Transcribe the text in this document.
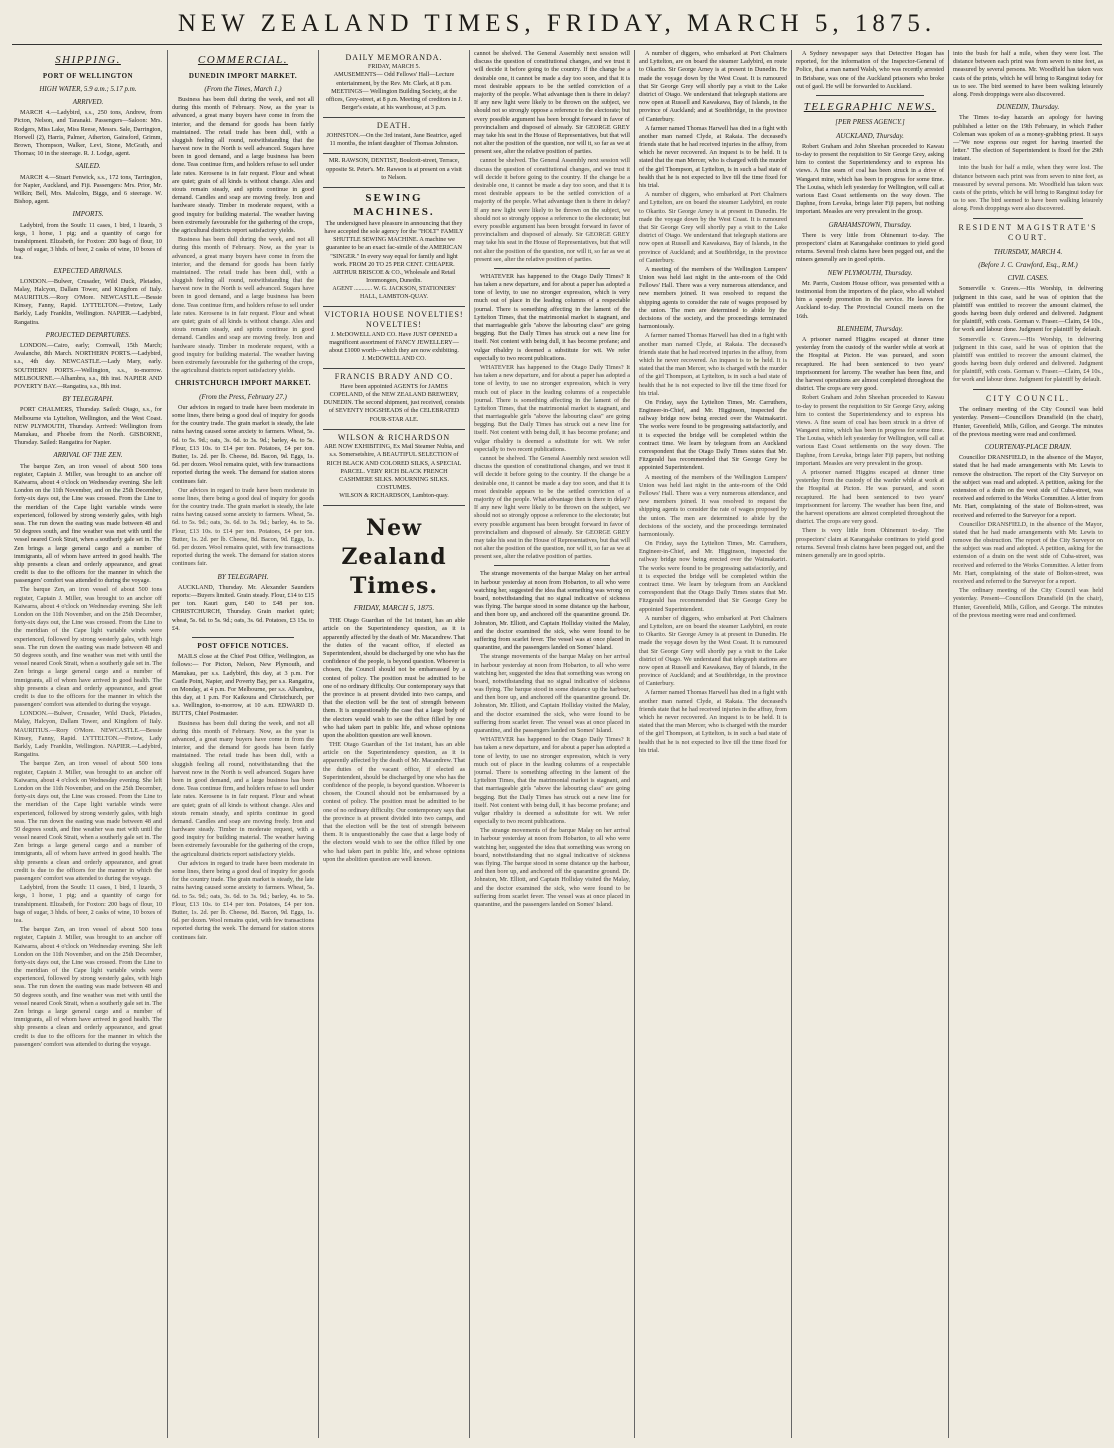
NEW ZEALAND TIMES, FRIDAY, MARCH 5, 1875.
SHIPPING.
PORT OF WELLINGTON
HIGH WATER, 5.9 a.m.; 5.17 p.m.
ARRIVED.

MARCH 4.—Ladybird, s.s., 250 tons, Andrew, from Picton, Nelson, and Taranaki. Passengers—Saloon: Mrs. Rodgers, Miss Lake, Miss Reese, Messrs. Sale, Darrington, Horwell (2), Harris, Palmer, Atherton, Gainsford, Grimm, Brown, Thompson, Walker, Levi, Stone, McGrath, and Thomas; 10 in the steerage. R. J. Lodge, agent.

SAILED.

MARCH 4.—Stuart Fenwick, s.s., 172 tons, Tarrington, for Napier, Auckland, and Fiji. Passengers: Mrs. Prior, Mr. Wilkin; Bell, Mrs. Malcolm, Biggs, and 6 steerage. W. Bishop, agent.

IMPORTS.

Ladybird, from the South: 11 cases, 1 bird, 1 lizards, 3 kegs, 1 horse, 1 pig; and a quantity of cargo for transhipment. Elizabeth, for Foxton: 200 bags of flour, 10 bags of sugar, 3 hhds. of beer, 2 casks of wine, 10 boxes of tea.

EXPECTED ARRIVALS.

LONDON.—Bulwer, Crusader, Wild Duck, Pleiades, Malay, Halcyon, Dallam Tower, and Kingdom of Italy. MAURITIUS.—Rory O'More. NEWCASTLE.—Bessie Kinsey, Fanny, Rapid. LYTTELTON.—Fretow, Lady Barkly, Lady Franklin, Wellington. NAPIER.—Ladybird, Rangatira.

PROJECTED DEPARTURES.

LONDON.—Cairo, early; Cornwall, 15th March; Avalanche, 8th March. NORTHERN PORTS.—Ladybird, s.s., 4th day. NEWCASTLE.—Lady Mary, early. SOUTHERN PORTS.—Wellington, s.s., to-morrow. MELBOURNE.—Alhambra, s.s., 8th inst. NAPIER AND POVERTY BAY.—Rangatira, s.s., 8th inst.

BY TELEGRAPH.

PORT CHALMERS, Thursday. Sailed: Otago, s.s., for Melbourne via Lyttelton, Wellington, and the West Coast. NEW PLYMOUTH, Thursday. Arrived: Wellington from Manukau, and Phoebe from the North. GISBORNE, Thursday. Sailed: Rangatira for Napier.

ARRIVAL OF THE ZEN.

The barque Zen, an iron vessel of about 500 tons register, Captain J. Miller, was brought to an anchor off Kaiwarra, about 4 o'clock on Wednesday evening. She left London on the 11th November, and on the 25th December, forty-six days out, the Line was crossed. From the Line to the meridian of the Cape light variable winds were experienced, followed by strong westerly gales, with high seas. The run down the easting was made between 48 and 50 degrees south, and fine weather was met with until the vessel neared Cook Strait, when a southerly gale set in. The Zen brings a large general cargo and a number of immigrants, all of whom have arrived in good health. The ship presents a clean and orderly appearance, and great credit is due to the officers for the manner in which the passengers' comfort was attended to during the voyage.

The barque Zen, an iron vessel of about 500 tons register, Captain J. Miller, was brought to an anchor off Kaiwarra, about 4 o'clock on Wednesday evening. She left London on the 11th November, and on the 25th December, forty-six days out, the Line was crossed. From the Line to the meridian of the Cape light variable winds were experienced, followed by strong westerly gales, with high seas. The run down the easting was made between 48 and 50 degrees south, and fine weather was met with until the vessel neared Cook Strait, when a southerly gale set in. The Zen brings a large general cargo and a number of immigrants, all of whom have arrived in good health. The ship presents a clean and orderly appearance, and great credit is due to the officers for the manner in which the passengers' comfort was attended to during the voyage.

LONDON.—Bulwer, Crusader, Wild Duck, Pleiades, Malay, Halcyon, Dallam Tower, and Kingdom of Italy. MAURITIUS.—Rory O'More. NEWCASTLE.—Bessie Kinsey, Fanny, Rapid. LYTTELTON.—Fretow, Lady Barkly, Lady Franklin, Wellington. NAPIER.—Ladybird, Rangatira.

The barque Zen, an iron vessel of about 500 tons register, Captain J. Miller, was brought to an anchor off Kaiwarra, about 4 o'clock on Wednesday evening. She left London on the 11th November, and on the 25th December, forty-six days out, the Line was crossed. From the Line to the meridian of the Cape light variable winds were experienced, followed by strong westerly gales, with high seas. The run down the easting was made between 48 and 50 degrees south, and fine weather was met with until the vessel neared Cook Strait, when a southerly gale set in. The Zen brings a large general cargo and a number of immigrants, all of whom have arrived in good health. The ship presents a clean and orderly appearance, and great credit is due to the officers for the manner in which the passengers' comfort was attended to during the voyage.

Ladybird, from the South: 11 cases, 1 bird, 1 lizards, 3 kegs, 1 horse, 1 pig; and a quantity of cargo for transhipment. Elizabeth, for Foxton: 200 bags of flour, 10 bags of sugar, 3 hhds. of beer, 2 casks of wine, 10 boxes of tea.

The barque Zen, an iron vessel of about 500 tons register, Captain J. Miller, was brought to an anchor off Kaiwarra, about 4 o'clock on Wednesday evening. She left London on the 11th November, and on the 25th December, forty-six days out, the Line was crossed. From the Line to the meridian of the Cape light variable winds were experienced, followed by strong westerly gales, with high seas. The run down the easting was made between 48 and 50 degrees south, and fine weather was met with until the vessel neared Cook Strait, when a southerly gale set in. The Zen brings a large general cargo and a number of immigrants, all of whom have arrived in good health. The ship presents a clean and orderly appearance, and great credit is due to the officers for the manner in which the passengers' comfort was attended to during the voyage.

COMMERCIAL.
DUNEDIN IMPORT MARKET.
(From the Times, March 1.)

Business has been dull during the week, and not all during this month of February. Now, as the year is advanced, a great many buyers have come in from the interior, and the demand for goods has been fairly maintained. The retail trade has been dull, with a sluggish feeling all round, notwithstanding that the harvest now in the North is well advanced. Sugars have been in good demand, and a large business has been done. Teas continue firm, and holders refuse to sell under late rates. Kerosene is in fair request. Flour and wheat are quiet; grain of all kinds is without change. Ales and stouts remain steady, and spirits continue in good demand. Candles and soap are moving freely. Iron and hardware steady. Timber in moderate request, with a good inquiry for building material. The weather having been extremely favourable for the gathering of the crops, the agricultural districts report satisfactory yields.

Business has been dull during the week, and not all during this month of February. Now, as the year is advanced, a great many buyers have come in from the interior, and the demand for goods has been fairly maintained. The retail trade has been dull, with a sluggish feeling all round, notwithstanding that the harvest now in the North is well advanced. Sugars have been in good demand, and a large business has been done. Teas continue firm, and holders refuse to sell under late rates. Kerosene is in fair request. Flour and wheat are quiet; grain of all kinds is without change. Ales and stouts remain steady, and spirits continue in good demand. Candles and soap are moving freely. Iron and hardware steady. Timber in moderate request, with a good inquiry for building material. The weather having been extremely favourable for the gathering of the crops, the agricultural districts report satisfactory yields.

CHRISTCHURCH IMPORT MARKET.
(From the Press, February 27.)

Our advices in regard to trade have been moderate in some lines, there being a good deal of inquiry for goods for the country trade. The grain market is steady, the late rains having caused some anxiety to farmers. Wheat, 5s. 6d. to 5s. 9d.; oats, 3s. 6d. to 3s. 9d.; barley, 4s. to 5s. Flour, £13 10s. to £14 per ton. Potatoes, £4 per ton. Butter, 1s. 2d. per lb. Cheese, 8d. Bacon, 9d. Eggs, 1s. 6d. per dozen. Wool remains quiet, with few transactions reported during the week. The demand for station stores continues fair.

Our advices in regard to trade have been moderate in some lines, there being a good deal of inquiry for goods for the country trade. The grain market is steady, the late rains having caused some anxiety to farmers. Wheat, 5s. 6d. to 5s. 9d.; oats, 3s. 6d. to 3s. 9d.; barley, 4s. to 5s. Flour, £13 10s. to £14 per ton. Potatoes, £4 per ton. Butter, 1s. 2d. per lb. Cheese, 8d. Bacon, 9d. Eggs, 1s. 6d. per dozen. Wool remains quiet, with few transactions reported during the week. The demand for station stores continues fair.

BY TELEGRAPH.

AUCKLAND, Thursday. Mr. Alexander Saunders reports:—Buyers limited. Grain steady. Flour, £14 to £15 per ton. Kauri gum, £40 to £48 per ton. CHRISTCHURCH, Thursday. Grain market quiet; wheat, 5s. 6d. to 5s. 9d.; oats, 3s. 6d. Potatoes, £3 15s. to £4.

POST OFFICE NOTICES.

MAILS close at the Chief Post Office, Wellington, as follows:— For Picton, Nelson, New Plymouth, and Manukau, per s.s. Ladybird, this day, at 3 p.m. For Castle Point, Napier, and Poverty Bay, per s.s. Rangatira, on Monday, at 4 p.m. For Melbourne, per s.s. Alhambra, this day, at 1 p.m. For Kaikoura and Christchurch, per s.s. Wellington, to-morrow, at 10 a.m. EDWARD D. BUTTS, Chief Postmaster.

Business has been dull during the week, and not all during this month of February. Now, as the year is advanced, a great many buyers have come in from the interior, and the demand for goods has been fairly maintained. The retail trade has been dull, with a sluggish feeling all round, notwithstanding that the harvest now in the North is well advanced. Sugars have been in good demand, and a large business has been done. Teas continue firm, and holders refuse to sell under late rates. Kerosene is in fair request. Flour and wheat are quiet; grain of all kinds is without change. Ales and stouts remain steady, and spirits continue in good demand. Candles and soap are moving freely. Iron and hardware steady. Timber in moderate request, with a good inquiry for building material. The weather having been extremely favourable for the gathering of the crops, the agricultural districts report satisfactory yields.

Our advices in regard to trade have been moderate in some lines, there being a good deal of inquiry for goods for the country trade. The grain market is steady, the late rains having caused some anxiety to farmers. Wheat, 5s. 6d. to 5s. 9d.; oats, 3s. 6d. to 3s. 9d.; barley, 4s. to 5s. Flour, £13 10s. to £14 per ton. Potatoes, £4 per ton. Butter, 1s. 2d. per lb. Cheese, 8d. Bacon, 9d. Eggs, 1s. 6d. per dozen. Wool remains quiet, with few transactions reported during the week. The demand for station stores continues fair.

DAILY MEMORANDA.
FRIDAY, MARCH 5.

AMUSEMENTS— Odd Fellows' Hall—Lecture entertainment, by the Rev. Mr. Clark, at 8 p.m. MEETINGS— Wellington Building Society, at the offices, Grey-street, at 8 p.m. Meeting of creditors in J. Berger's estate, at his warehouse, at 3 p.m.

DEATH.

JOHNSTON.—On the 3rd instant, Jane Beatrice, aged 11 months, the infant daughter of Thomas Johnston.

MR. RAWSON, DENTIST, Boulcott-street, Terrace, opposite St. Peter's. Mr. Rawson is at present on a visit to Nelson.

SEWING MACHINES.

The undersigned have pleasure in announcing that they have accepted the sole agency for the "HOLT" FAMILY SHUTTLE SEWING MACHINE. A machine we guarantee to be an exact fac-simile of the AMERICAN "SINGER." In every way equal for family and light work. FROM 20 TO 25 PER CENT. CHEAPER.

ARTHUR BRISCOE & CO., Wholesale and Retail Ironmongers, Dunedin.
AGENT ............ W. G. JACKSON, STATIONERS' HALL, LAMBTON-QUAY.
VICTORIA HOUSE NOVELTIES! NOVELTIES!

J. McDOWELL AND CO. Have JUST OPENED a magnificent assortment of FANCY JEWELLERY—about £1000 worth—which they are now exhibiting.

J. McDOWELL AND CO.
FRANCIS BRADY AND CO.

Have been appointed AGENTS for JAMES COPELAND, of the NEW ZEALAND BREWERY, DUNEDIN. The second shipment, just received, consists of SEVENTY HOGSHEADS of the CELEBRATED FOUR-STAR ALE.

WILSON & RICHARDSON

ARE NOW EXHIBITING, Ex Mail Steamer Nubia, and s.s. Somersetshire, A BEAUTIFUL SELECTION of RICH BLACK AND COLORED SILKS, A SPECIAL PARCEL. VERY RICH BLACK FRENCH CASHMERE SILKS. MOURNING SILKS. COSTUMES.

WILSON & RICHARDSON, Lambton-quay.
New Zealand Times.
FRIDAY, MARCH 5, 1875.

THE Otago Guardian of the 1st instant, has an able article on the Superintendency question, as it is apparently affected by the death of Mr. Macandrew. That the duties of the vacant office, if elected as Superintendent, should be discharged by one who has the confidence of the people, is beyond question. Whoever is chosen, the Council should not be embarrassed by a contest of policy. The position must be admitted to be one of no ordinary difficulty. Our contemporary says that the province is at present divided into two camps, and that the election will be the test of strength between them. It is unquestionably the case that a large body of the electors would wish to see the office filled by one who had taken part in public life, and whose opinions upon the abolition question are well known.

THE Otago Guardian of the 1st instant, has an able article on the Superintendency question, as it is apparently affected by the death of Mr. Macandrew. That the duties of the vacant office, if elected as Superintendent, should be discharged by one who has the confidence of the people, is beyond question. Whoever is chosen, the Council should not be embarrassed by a contest of policy. The position must be admitted to be one of no ordinary difficulty. Our contemporary says that the province is at present divided into two camps, and that the election will be the test of strength between them. It is unquestionably the case that a large body of the electors would wish to see the office filled by one who had taken part in public life, and whose opinions upon the abolition question are well known.

cannot be shelved. The General Assembly next session will discuss the question of constitutional changes, and we trust it will decide it before going to the country. If the change be a desirable one, it cannot be made a day too soon, and that it is most desirable appears to be the settled conviction of a majority of the people. What advantage then is there in delay? If any new light were likely to be thrown on the subject, we should not so strongly oppose a reference to the electorate; but every possible argument has been brought forward in favor of provincialism and disposed of already. Sir GEORGE GREY may take his seat in the House of Representatives, but that will not alter the position of the question, nor will it, so far as we at present see, alter the relative position of parties.

cannot be shelved. The General Assembly next session will discuss the question of constitutional changes, and we trust it will decide it before going to the country. If the change be a desirable one, it cannot be made a day too soon, and that it is most desirable appears to be the settled conviction of a majority of the people. What advantage then is there in delay? If any new light were likely to be thrown on the subject, we should not so strongly oppose a reference to the electorate; but every possible argument has been brought forward in favor of provincialism and disposed of already. Sir GEORGE GREY may take his seat in the House of Representatives, but that will not alter the position of the question, nor will it, so far as we at present see, alter the relative position of parties.

WHATEVER has happened to the Otago Daily Times? It has taken a new departure, and for about a paper has adopted a tone of levity, to use no stronger expression, which is very much out of place in the leading columns of a respectable journal. There is something affecting in the lament of the Lyttelton Times, that the matrimonial market is stagnant, and that marriageable girls "above the labouring class" are going begging. But the Daily Times has struck out a new line for itself. Not content with being dull, it has become profane; and vulgar ribaldry is deemed a substitute for wit. We refer especially to two recent publications.

WHATEVER has happened to the Otago Daily Times? It has taken a new departure, and for about a paper has adopted a tone of levity, to use no stronger expression, which is very much out of place in the leading columns of a respectable journal. There is something affecting in the lament of the Lyttelton Times, that the matrimonial market is stagnant, and that marriageable girls "above the labouring class" are going begging. But the Daily Times has struck out a new line for itself. Not content with being dull, it has become profane; and vulgar ribaldry is deemed a substitute for wit. We refer especially to two recent publications.

cannot be shelved. The General Assembly next session will discuss the question of constitutional changes, and we trust it will decide it before going to the country. If the change be a desirable one, it cannot be made a day too soon, and that it is most desirable appears to be the settled conviction of a majority of the people. What advantage then is there in delay? If any new light were likely to be thrown on the subject, we should not so strongly oppose a reference to the electorate; but every possible argument has been brought forward in favor of provincialism and disposed of already. Sir GEORGE GREY may take his seat in the House of Representatives, but that will not alter the position of the question, nor will it, so far as we at present see, alter the relative position of parties.

The strange movements of the barque Malay on her arrival in harbour yesterday at noon from Hobarton, to all who were watching her, suggested the idea that something was wrong on board, notwithstanding that no signal indicative of sickness was flying. The barque stood in some distance up the harbour, and then bore up, and anchored off the quarantine ground. Dr. Johnston, Mr. Elliott, and Captain Holliday visited the Malay, and the doctor examined the sick, who were found to be suffering from scarlet fever. The vessel was at once placed in quarantine, and the passengers landed on Somes' Island.

The strange movements of the barque Malay on her arrival in harbour yesterday at noon from Hobarton, to all who were watching her, suggested the idea that something was wrong on board, notwithstanding that no signal indicative of sickness was flying. The barque stood in some distance up the harbour, and then bore up, and anchored off the quarantine ground. Dr. Johnston, Mr. Elliott, and Captain Holliday visited the Malay, and the doctor examined the sick, who were found to be suffering from scarlet fever. The vessel was at once placed in quarantine, and the passengers landed on Somes' Island.

WHATEVER has happened to the Otago Daily Times? It has taken a new departure, and for about a paper has adopted a tone of levity, to use no stronger expression, which is very much out of place in the leading columns of a respectable journal. There is something affecting in the lament of the Lyttelton Times, that the matrimonial market is stagnant, and that marriageable girls "above the labouring class" are going begging. But the Daily Times has struck out a new line for itself. Not content with being dull, it has become profane; and vulgar ribaldry is deemed a substitute for wit. We refer especially to two recent publications.

The strange movements of the barque Malay on her arrival in harbour yesterday at noon from Hobarton, to all who were watching her, suggested the idea that something was wrong on board, notwithstanding that no signal indicative of sickness was flying. The barque stood in some distance up the harbour, and then bore up, and anchored off the quarantine ground. Dr. Johnston, Mr. Elliott, and Captain Holliday visited the Malay, and the doctor examined the sick, who were found to be suffering from scarlet fever. The vessel was at once placed in quarantine, and the passengers landed on Somes' Island.

A number of diggers, who embarked at Port Chalmers and Lyttelton, are on board the steamer Ladybird, en route to Okarito. Sir George Arney is at present in Dunedin. He made the voyage down by the West Coast. It is rumoured that Sir George Grey will shortly pay a visit to the Lake district of Otago. We understand that telegraph stations are now open at Russell and Kawakawa, Bay of Islands, in the province of Auckland; and at Southbridge, in the province of Canterbury.

A farmer named Thomas Harwell has died in a fight with another man named Clyde, at Rakaia. The deceased's friends state that he had received injuries in the affray, from which he never recovered. An inquest is to be held. It is stated that the man Mercer, who is charged with the murder of the girl Thompson, at Lyttelton, is in such a bad state of health that he is not expected to live till the time fixed for his trial.

A number of diggers, who embarked at Port Chalmers and Lyttelton, are on board the steamer Ladybird, en route to Okarito. Sir George Arney is at present in Dunedin. He made the voyage down by the West Coast. It is rumoured that Sir George Grey will shortly pay a visit to the Lake district of Otago. We understand that telegraph stations are now open at Russell and Kawakawa, Bay of Islands, in the province of Auckland; and at Southbridge, in the province of Canterbury.

A meeting of the members of the Wellington Lumpers' Union was held last night in the ante-room of the Odd Fellows' Hall. There was a very numerous attendance, and new members joined. It was resolved to request the shipping agents to consider the rate of wages proposed by the union. The men are determined to abide by the decisions of the society, and the proceedings terminated harmoniously.

A farmer named Thomas Harwell has died in a fight with another man named Clyde, at Rakaia. The deceased's friends state that he had received injuries in the affray, from which he never recovered. An inquest is to be held. It is stated that the man Mercer, who is charged with the murder of the girl Thompson, at Lyttelton, is in such a bad state of health that he is not expected to live till the time fixed for his trial.

On Friday, says the Lyttelton Times, Mr. Carruthers, Engineer-in-Chief, and Mr. Higginson, inspected the railway bridge now being erected over the Waimakariri. The works were found to be progressing satisfactorily, and it is expected the bridge will be completed within the contract time. We learn by telegram from an Auckland correspondent that the Otago Daily Times states that Mr. Fitzgerald has recommended that Sir George Grey be appointed Superintendent.

A meeting of the members of the Wellington Lumpers' Union was held last night in the ante-room of the Odd Fellows' Hall. There was a very numerous attendance, and new members joined. It was resolved to request the shipping agents to consider the rate of wages proposed by the union. The men are determined to abide by the decisions of the society, and the proceedings terminated harmoniously.

On Friday, says the Lyttelton Times, Mr. Carruthers, Engineer-in-Chief, and Mr. Higginson, inspected the railway bridge now being erected over the Waimakariri. The works were found to be progressing satisfactorily, and it is expected the bridge will be completed within the contract time. We learn by telegram from an Auckland correspondent that the Otago Daily Times states that Mr. Fitzgerald has recommended that Sir George Grey be appointed Superintendent.

A number of diggers, who embarked at Port Chalmers and Lyttelton, are on board the steamer Ladybird, en route to Okarito. Sir George Arney is at present in Dunedin. He made the voyage down by the West Coast. It is rumoured that Sir George Grey will shortly pay a visit to the Lake district of Otago. We understand that telegraph stations are now open at Russell and Kawakawa, Bay of Islands, in the province of Auckland; and at Southbridge, in the province of Canterbury.

A farmer named Thomas Harwell has died in a fight with another man named Clyde, at Rakaia. The deceased's friends state that he had received injuries in the affray, from which he never recovered. An inquest is to be held. It is stated that the man Mercer, who is charged with the murder of the girl Thompson, at Lyttelton, is in such a bad state of health that he is not expected to live till the time fixed for his trial.

A Sydney newspaper says that Detective Hogan has reported, for the information of the Inspector-General of Police, that a man named Walsh, who was recently arrested in Brisbane, was one of the Auckland prisoners who broke out of gaol. He will be forwarded to Auckland.

TELEGRAPHIC NEWS.
[PER PRESS AGENCY.]
AUCKLAND, Thursday.

Robert Graham and John Sheehan proceeded to Kawau to-day to present the requisition to Sir George Grey, asking him to contest the Superintendency and to express his views. A fine seam of coal has been struck in a drive of Wangarei mine, which has been in progress for some time. The Louisa, which left yesterday for Wellington, will call at various East Coast settlements on the way down. The Daphne, from Levuka, brings later Fiji papers, but nothing important. Measles are very prevalent in the group.

GRAHAMSTOWN, Thursday.

There is very little from Ohinemuri to-day. The prospectors' claim at Karangahake continues to yield good returns. Several fresh claims have been pegged out, and the miners generally are in good spirits.

NEW PLYMOUTH, Thursday.

Mr. Parris, Custom House officer, was presented with a testimonial from the importers of the place, who all wished him a speedy promotion in the service. He leaves for Auckland to-day. The Provincial Council meets on the 16th.

BLENHEIM, Thursday.

A prisoner named Higgins escaped at dinner time yesterday from the custody of the warder while at work at the Hospital at Picton. He was pursued, and soon recaptured. He had been sentenced to two years' imprisonment for larceny. The weather has been fine, and the harvest operations are almost completed throughout the district. The crops are very good.

Robert Graham and John Sheehan proceeded to Kawau to-day to present the requisition to Sir George Grey, asking him to contest the Superintendency and to express his views. A fine seam of coal has been struck in a drive of Wangarei mine, which has been in progress for some time. The Louisa, which left yesterday for Wellington, will call at various East Coast settlements on the way down. The Daphne, from Levuka, brings later Fiji papers, but nothing important. Measles are very prevalent in the group.

A prisoner named Higgins escaped at dinner time yesterday from the custody of the warder while at work at the Hospital at Picton. He was pursued, and soon recaptured. He had been sentenced to two years' imprisonment for larceny. The weather has been fine, and the harvest operations are almost completed throughout the district. The crops are very good.

There is very little from Ohinemuri to-day. The prospectors' claim at Karangahake continues to yield good returns. Several fresh claims have been pegged out, and the miners generally are in good spirits.

into the bush for half a mile, when they were lost. The distance between each print was from seven to nine feet, as measured by several persons. Mr. Woodfield has taken wax casts of the prints, which he will bring to Ranginui today for us to see. The bird seemed to have been walking leisurely along. Fresh droppings were also discovered.

DUNEDIN, Thursday.

The Times to-day hazards an apology for having published a letter on the 19th February, in which Father Coleman was spoken of as a money-grabbing priest. It says—"We now express our regret for having inserted the letter." The election of Superintendent is fixed for the 29th instant.

into the bush for half a mile, when they were lost. The distance between each print was from seven to nine feet, as measured by several persons. Mr. Woodfield has taken wax casts of the prints, which he will bring to Ranginui today for us to see. The bird seemed to have been walking leisurely along. Fresh droppings were also discovered.

RESIDENT MAGISTRATE'S COURT.
THURSDAY, MARCH 4.
(Before J. C. Crawford, Esq., R.M.)
CIVIL CASES.

Somerville v. Graves.—His Worship, in delivering judgment in this case, said he was of opinion that the plaintiff was entitled to recover the amount claimed, the goods having been duly ordered and delivered. Judgment for plaintiff, with costs. Gorman v. Fraser.—Claim, £4 10s., for work and labour done. Judgment for plaintiff by default.

Somerville v. Graves.—His Worship, in delivering judgment in this case, said he was of opinion that the plaintiff was entitled to recover the amount claimed, the goods having been duly ordered and delivered. Judgment for plaintiff, with costs. Gorman v. Fraser.—Claim, £4 10s., for work and labour done. Judgment for plaintiff by default.

CITY COUNCIL.

The ordinary meeting of the City Council was held yesterday. Present—Councillors Dransfield (in the chair), Hunter, Greenfield, Mills, Gillon, and George. The minutes of the previous meeting were read and confirmed.

COURTENAY-PLACE DRAIN.

Councillor DRANSFIELD, in the absence of the Mayor, stated that he had made arrangements with Mr. Lewis to remove the obstruction. The report of the City Surveyor on the subject was read and adopted. A petition, asking for the extension of a drain on the west side of Cuba-street, was received and referred to the Works Committee. A letter from Mr. Hart, complaining of the state of Bolton-street, was received and referred to the Surveyor for a report.

Councillor DRANSFIELD, in the absence of the Mayor, stated that he had made arrangements with Mr. Lewis to remove the obstruction. The report of the City Surveyor on the subject was read and adopted. A petition, asking for the extension of a drain on the west side of Cuba-street, was received and referred to the Works Committee. A letter from Mr. Hart, complaining of the state of Bolton-street, was received and referred to the Surveyor for a report.

The ordinary meeting of the City Council was held yesterday. Present—Councillors Dransfield (in the chair), Hunter, Greenfield, Mills, Gillon, and George. The minutes of the previous meeting were read and confirmed.
